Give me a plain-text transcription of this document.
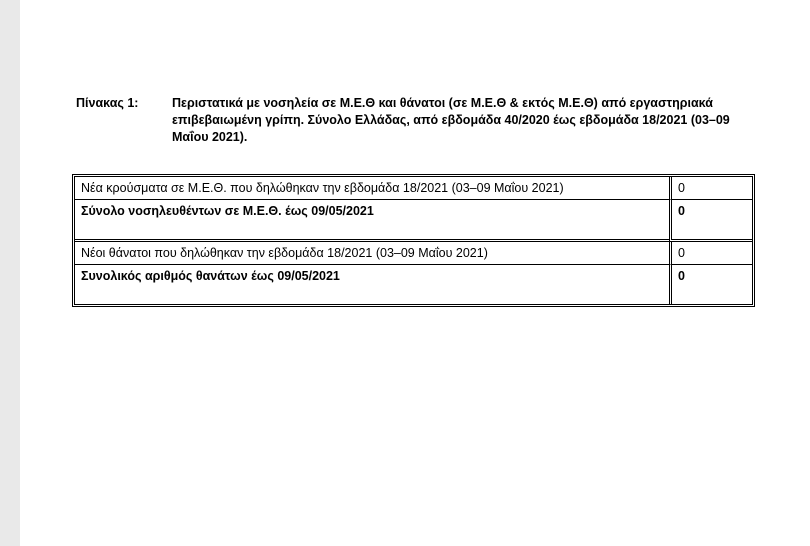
Πίνακας 1:	Περιστατικά με νοσηλεία σε Μ.Ε.Θ και θάνατοι (σε Μ.Ε.Θ & εκτός Μ.Ε.Θ) από εργαστηριακά επιβεβαιωμένη γρίπη. Σύνολο Ελλάδας, από εβδομάδα 40/2020 έως εβδομάδα 18/2021 (03–09 Μαΐου 2021).
Νέα κρούσματα σε Μ.Ε.Θ. που δηλώθηκαν την εβδομάδα 18/2021 (03–09 Μαΐου 2021)	0
Σύνολο νοσηλευθέντων σε Μ.Ε.Θ. έως 09/05/2021	0
Νέοι θάνατοι που δηλώθηκαν την εβδομάδα 18/2021 (03–09 Μαΐου 2021)	0
Συνολικός αριθμός θανάτων έως 09/05/2021	0
